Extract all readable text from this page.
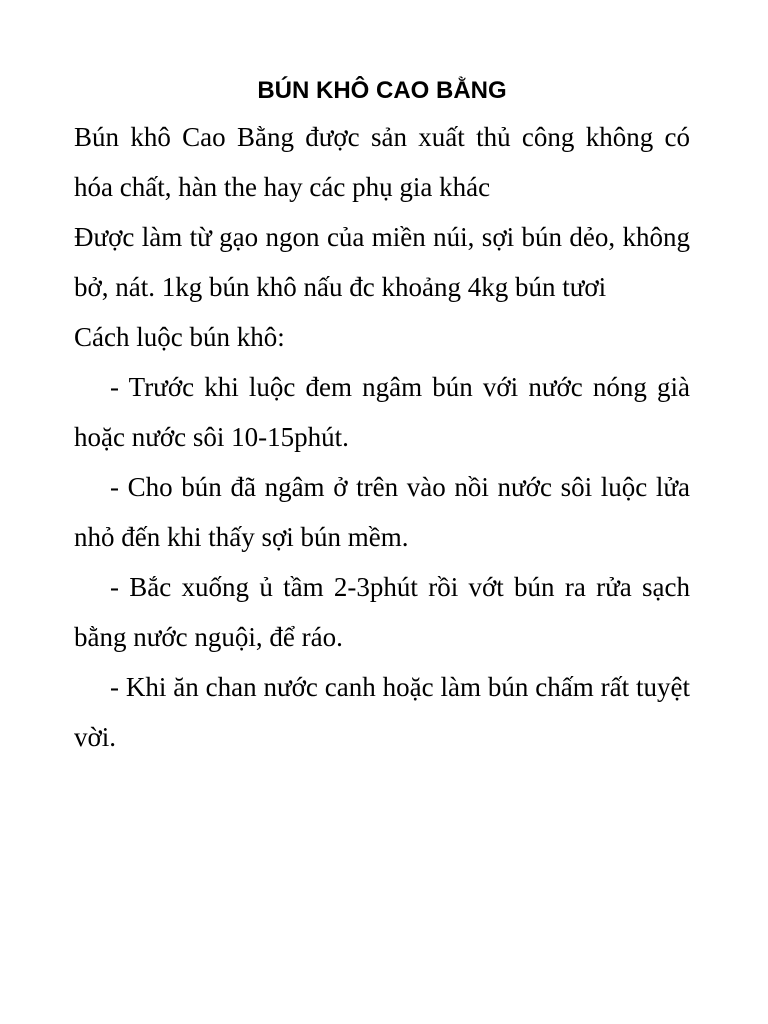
BÚN KHÔ CAO BẰNG

Bún khô Cao Bằng được sản xuất thủ công không có hóa chất, hàn the hay các phụ gia khác

Được làm từ gạo ngon của miền núi, sợi bún dẻo, không bở, nát. 1kg bún khô nấu đc khoảng 4kg bún tươi

Cách luộc bún khô:

- Trước khi luộc đem ngâm bún với nước nóng già hoặc nước sôi 10-15phút.

- Cho bún đã ngâm ở trên vào nồi nước sôi luộc lửa nhỏ đến khi thấy sợi bún mềm.

- Bắc xuống ủ tầm 2-3phút rồi vớt bún ra rửa sạch bằng nước nguội, để ráo.

- Khi ăn chan nước canh hoặc làm bún chấm rất tuyệt vời.
